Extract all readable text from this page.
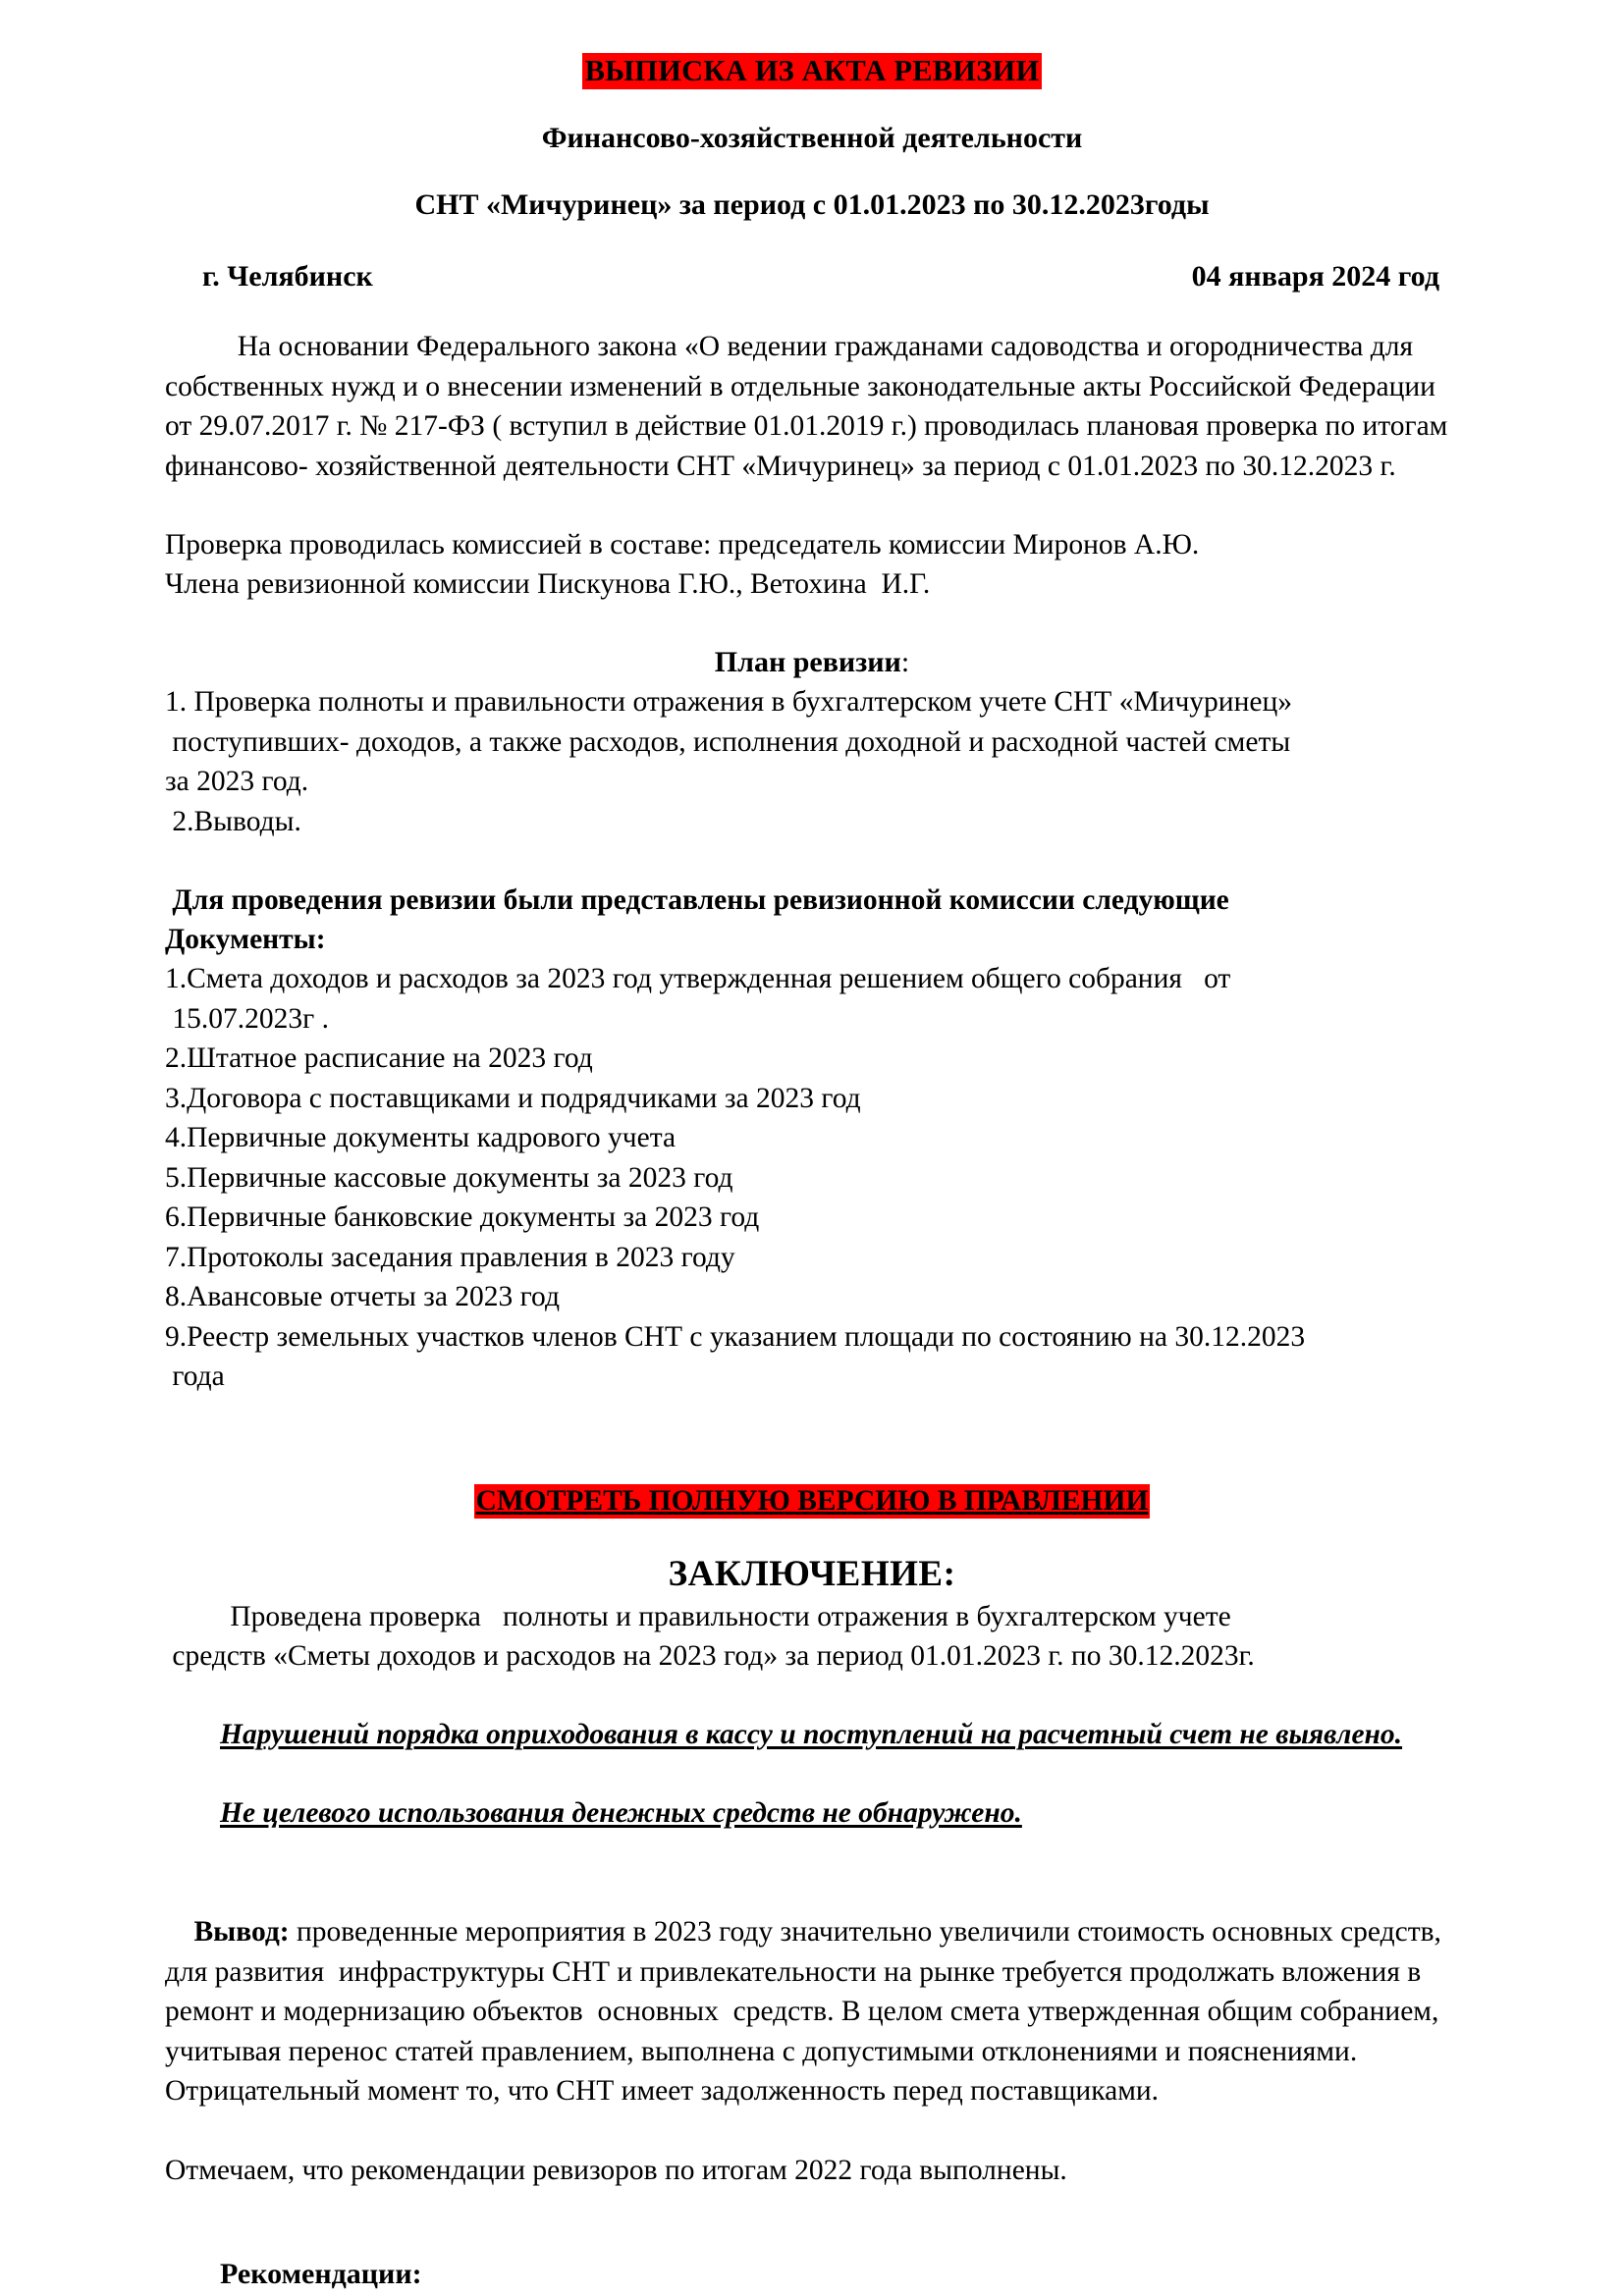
ВЫПИСКА ИЗ АКТА РЕВИЗИИ
Финансово-хозяйственной деятельности
СНТ «Мичуринец» за период с 01.01.2023 по 30.12.2023годы
г. Челябинск	04 января 2024 год
На основании Федерального закона «О ведении гражданами садоводства и огородничества для собственных нужд и о внесении изменений в отдельные законодательные акты Российской Федерации от 29.07.2017 г. № 217-ФЗ ( вступил в действие 01.01.2019 г.) проводилась плановая проверка по итогам финансово- хозяйственной деятельности СНТ «Мичуринец» за период с 01.01.2023 по 30.12.2023 г.
Проверка проводилась комиссией в составе: председатель комиссии Миронов А.Ю.
Члена ревизионной комиссии Пискунова Г.Ю., Ветохина  И.Г.
План ревизии:
1. Проверка полноты и правильности отражения в бухгалтерском учете СНТ «Мичуринец»
поступивших- доходов, а также расходов, исполнения доходной и расходной частей сметы
за 2023 год.
2.Выводы.
Для проведения ревизии были представлены ревизионной комиссии следующие
Документы:
1.Смета доходов и расходов за 2023 год утвержденная решением общего собрания   от
15.07.2023г .
2.Штатное расписание на 2023 год
3.Договора с поставщиками и подрядчиками за 2023 год
4.Первичные документы кадрового учета
5.Первичные кассовые документы за 2023 год
6.Первичные банковские документы за 2023 год
7.Протоколы заседания правления в 2023 году
8.Авансовые отчеты за 2023 год
9.Реестр земельных участков членов СНТ с указанием площади по состоянию на 30.12.2023
года
СМОТРЕТЬ ПОЛНУЮ ВЕРСИЮ В ПРАВЛЕНИИ
ЗАКЛЮЧЕНИЕ:
Проведена проверка   полноты и правильности отражения в бухгалтерском учете
средств «Сметы доходов и расходов на 2023 год» за период 01.01.2023 г. по 30.12.2023г.
Нарушений порядка оприходования в кассу и поступлений на расчетный счет не выявлено.
Не целевого использования денежных средств не обнаружено.

Вывод: проведенные мероприятия в 2023 году значительно увеличили стоимость основных средств,  для развития  инфраструктуры СНТ и привлекательности на рынке требуется продолжать вложения в ремонт и модернизацию объектов  основных  средств. В целом смета утвержденная общим собранием, учитывая перенос статей правлением, выполнена с допустимыми отклонениями и пояснениями.  Отрицательный момент то, что СНТ имеет задолженность перед поставщиками.

Отмечаем, что рекомендации ревизоров по итогам 2022 года выполнены.
Рекомендации:
